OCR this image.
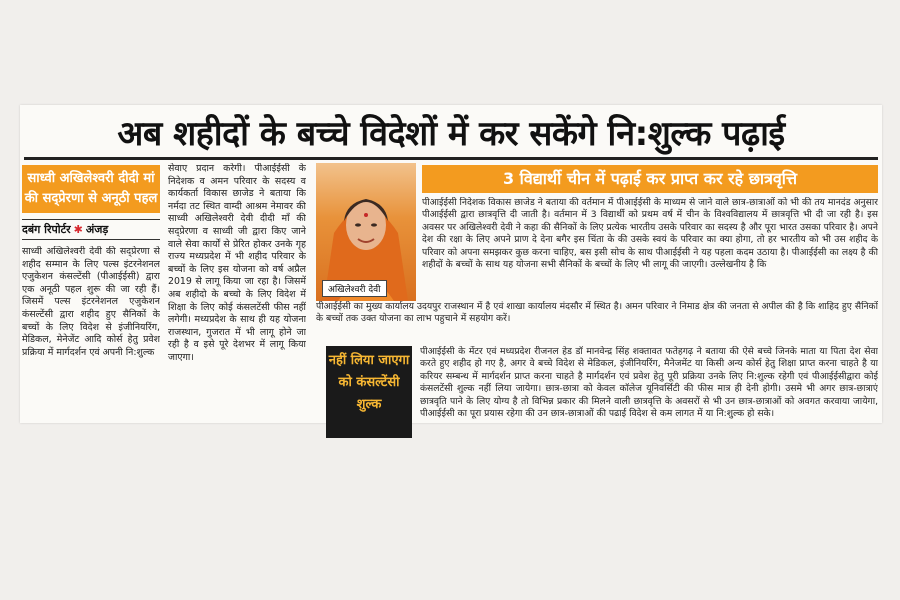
अब शहीदों के बच्चे विदेशों में कर सकेंगे नि:शुल्क पढ़ाई
साध्वी अखिलेश्वरी दीदी मां की सद्प्रेरणा से अनूठी पहल
दबंग रिपोर्टर ✱ अंजड़
साध्वी अखिलेश्वरी देवी की सद्प्रेरणा से शहीद सम्मान के लिए पल्स इंटरनेशनल एजुकेशन कंसल्टेंसी (पीआईईसी) द्वारा एक अनूठी पहल शुरू की जा रही हैं। जिसमें पल्स इंटरनेशनल एजुकेशन कंसल्टेंसी द्वारा शहीद हुए सैनिकों के बच्चों के लिए विदेश से इंजीनियरिंग, मेडिकल, मेनेजेंट आदि कोर्स हेतु प्रवेश प्रक्रिया में मार्गदर्शन एवं अपनी नि:शुल्क
सेवाए प्रदान करेगी। पीआईईसी के निदेशक व अमन परिवार के सदस्य व कार्यकर्ता विकास छाजेड ने बताया कि नर्मदा तट स्थित वाम्दी आश्रम नेमावर की साध्वी अखिलेश्वरी देवी दीदी माँ की सद्प्रेरणा व साध्वी जी द्वारा किए जाने वाले सेवा कार्यों से प्रेरित होकर उनके गृह राज्य मध्यप्रदेश में भी शहीद परिवार के बच्चों के लिए इस योजना को वर्ष अप्रैल 2019 से लागू किया जा रहा है। जिसमें अब शहीदो के बच्चो के लिए विदेश में शिक्षा के लिए कोई कंसलटेंसी फीस नहीं लगेगी। मध्यप्रदेश के साथ ही यह योजना राजस्थान, गुजरात में भी लागू होने जा रही है व इसे पूरे देशभर में लागू किया जाएगा।
अखिलेश्वरी देवी
3 विद्यार्थी चीन में पढ़ाई कर प्राप्त कर रहे छात्रवृत्ति
पीआईईसी निदेशक विकास छाजेड ने बताया की वर्तमान में पीआईईसी के माध्यम से जाने वाले छात्र-छात्राओं को भी की तय मानदंड अनुसार पीआईईसी द्वारा छात्रवृत्ति दी जाती है। वर्तमान में 3 विद्यार्थी को प्रथम वर्ष में चीन के विश्वविद्यालय में छात्रवृत्ति भी दी जा रही है। इस अवसर पर अखिलेश्वरी देवी ने कहा की सैनिकों के लिए प्रत्येक भारतीय उसके परिवार का सदस्य है और पूरा भारत उसका परिवार है। अपने देश की रक्षा के लिए अपने प्राण दे देना बगैर इस चिंता के की उसके स्वयं के परिवार का क्या होगा, तो हर भारतीय को भी उस शहीद के परिवार को अपना समझकर कुछ करना चाहिए, बस इसी सोच के साथ पीआईईसी ने यह पहला कदम उठाया है। पीआईईसी का लक्ष्य है की शहीदों के बच्चों के साथ यह योजना सभी सैनिकों के बच्चों के लिए भी लागू की जाएगी। उल्लेखनीय है कि
पीआईईसी का मुख्य कार्यालय उदयपुर राजस्थान में है एवं शाखा कार्यालय मंदसौर में स्थित है। अमन परिवार ने निमाड क्षेत्र की जनता से अपील की है कि शाहिद हुए सैनिकों के बच्चों तक उक्त योजना का लाभ पहुचाने में सहयोग करें।
नहीं लिया जाएगा को कंसल्टेंसी शुल्क
पीआईईसी के मेंटर एवं मध्यप्रदेश रीजनल हेड डॉ मानवेन्द्र सिंह शक्तावत फतेहगढ़ ने बताया की ऐसे बच्चे जिनके माता या पिता देश सेवा करते हुए शहीद हो गए है, अगर वे बच्चे विदेश से मेडिकल, इंजीनियरिंग, मैनेजमेंट या किसी अन्य कोर्स हेतु शिक्षा प्राप्त करना चाहते है या करियर सम्बन्ध में मार्गदर्शन प्राप्त करना चाहते है मार्गदर्शन एवं प्रवेश हेतु पूरी प्रक्रिया उनके लिए नि:शुल्क रहेगी एवं पीआईईसीद्वारा कोई कंसलटेंसी शुल्क नहीं लिया जायेगा। छात्र-छात्रा को केवल कॉलेज यूनिवर्सिटी की फीस मात्र ही देनी होगी। उसमे भी अगर छात्र-छात्राएं छात्रवृति पाने के लिए योग्य है तो विभिन्न प्रकार की मिलने वाली छात्रवृत्ति के अवसरों से भी उन छात्र-छात्राओं को अवगत करवाया जायेगा, पीआईईसी का पूरा प्रयास रहेगा की उन छात्र-छात्राओं की पढाई विदेश से कम लागत में या नि:शुल्क हो सके।
